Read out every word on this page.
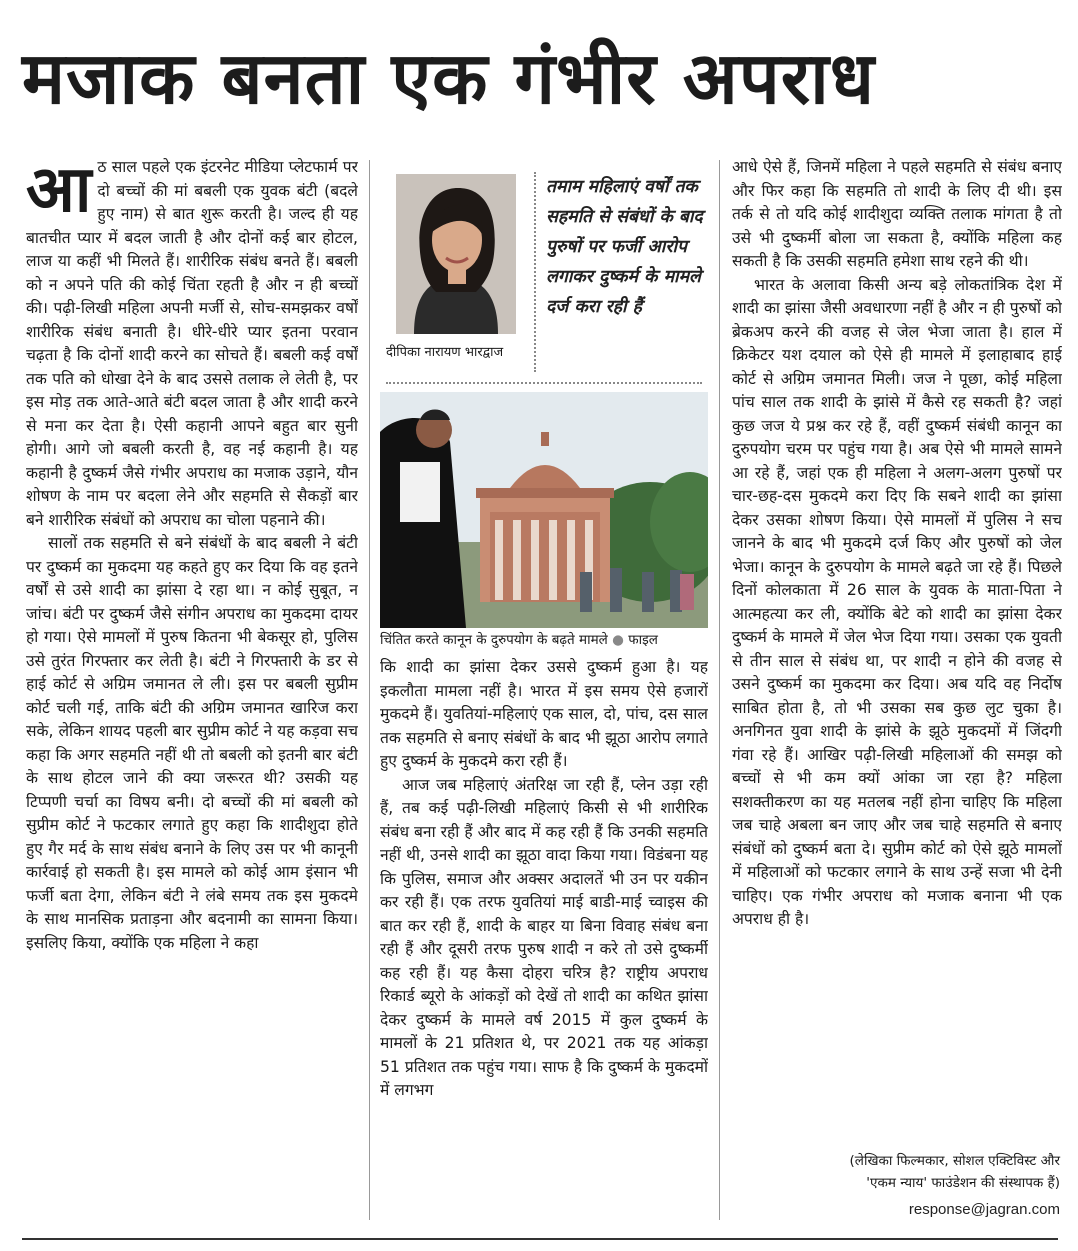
मजाक बनता एक गंभीर अपराध

आठ साल पहले एक इंटरनेट मीडिया प्लेटफार्म पर दो बच्चों की मां बबली एक युवक बंटी (बदले हुए नाम) से बात शुरू करती है। जल्द ही यह बातचीत प्यार में बदल जाती है और दोनों कई बार होटल, लाज या कहीं भी मिलते हैं। शारीरिक संबंध बनते हैं। बबली को न अपने पति की कोई चिंता रहती है और न ही बच्चों की। पढ़ी-लिखी महिला अपनी मर्जी से, सोच-समझकर वर्षों शारीरिक संबंध बनाती है। धीरे-धीरे प्यार इतना परवान चढ़ता है कि दोनों शादी करने का सोचते हैं। बबली कई वर्षों तक पति को धोखा देने के बाद उससे तलाक ले लेती है, पर इस मोड़ तक आते-आते बंटी बदल जाता है और शादी करने से मना कर देता है। ऐसी कहानी आपने बहुत बार सुनी होगी। आगे जो बबली करती है, वह नई कहानी है। यह कहानी है दुष्कर्म जैसे गंभीर अपराध का मजाक उड़ाने, यौन शोषण के नाम पर बदला लेने और सहमति से सैकड़ों बार बने शारीरिक संबंधों को अपराध का चोला पहनाने की।

सालों तक सहमति से बने संबंधों के बाद बबली ने बंटी पर दुष्कर्म का मुकदमा यह कहते हुए कर दिया कि वह इतने वर्षों से उसे शादी का झांसा दे रहा था। न कोई सुबूत, न जांच। बंटी पर दुष्कर्म जैसे संगीन अपराध का मुकदमा दायर हो गया। ऐसे मामलों में पुरुष कितना भी बेकसूर हो, पुलिस उसे तुरंत गिरफ्तार कर लेती है। बंटी ने गिरफ्तारी के डर से हाई कोर्ट से अग्रिम जमानत ले ली। इस पर बबली सुप्रीम कोर्ट चली गई, ताकि बंटी की अग्रिम जमानत खारिज करा सके, लेकिन शायद पहली बार सुप्रीम कोर्ट ने यह कड़वा सच कहा कि अगर सहमति नहीं थी तो बबली को इतनी बार बंटी के साथ होटल जाने की क्या जरूरत थी? उसकी यह टिप्पणी चर्चा का विषय बनी। दो बच्चों की मां बबली को सुप्रीम कोर्ट ने फटकार लगाते हुए कहा कि शादीशुदा होते हुए गैर मर्द के साथ संबंध बनाने के लिए उस पर भी कानूनी कार्रवाई हो सकती है। इस मामले को कोई आम इंसान भी फर्जी बता देगा, लेकिन बंटी ने लंबे समय तक इस मुकदमे के साथ मानसिक प्रताड़ना और बदनामी का सामना किया। इसलिए किया, क्योंकि एक महिला ने कहा

दीपिका नारायण भारद्वाज
तमाम महिलाएं वर्षों तक सहमति से संबंधों के बाद पुरुषों पर फर्जी आरोप लगाकर दुष्कर्म के मामले दर्ज करा रही हैं
चिंतित करते कानून के दुरुपयोग के बढ़ते मामले ● फाइल

कि शादी का झांसा देकर उससे दुष्कर्म हुआ है। यह इकलौता मामला नहीं है। भारत में इस समय ऐसे हजारों मुकदमे हैं। युवतियां-महिलाएं एक साल, दो, पांच, दस साल तक सहमति से बनाए संबंधों के बाद भी झूठा आरोप लगाते हुए दुष्कर्म के मुकदमे करा रही हैं।

आज जब महिलाएं अंतरिक्ष जा रही हैं, प्लेन उड़ा रही हैं, तब कई पढ़ी-लिखी महिलाएं किसी से भी शारीरिक संबंध बना रही हैं और बाद में कह रही हैं कि उनकी सहमति नहीं थी, उनसे शादी का झूठा वादा किया गया। विडंबना यह कि पुलिस, समाज और अक्सर अदालतें भी उन पर यकीन कर रही हैं। एक तरफ युवतियां माई बाडी-माई च्वाइस की बात कर रही हैं, शादी के बाहर या बिना विवाह संबंध बना रही हैं और दूसरी तरफ पुरुष शादी न करे तो उसे दुष्कर्मी कह रही हैं। यह कैसा दोहरा चरित्र है? राष्ट्रीय अपराध रिकार्ड ब्यूरो के आंकड़ों को देखें तो शादी का कथित झांसा देकर दुष्कर्म के मामले वर्ष 2015 में कुल दुष्कर्म के मामलों के 21 प्रतिशत थे, पर 2021 तक यह आंकड़ा 51 प्रतिशत तक पहुंच गया। साफ है कि दुष्कर्म के मुकदमों में लगभग

आधे ऐसे हैं, जिनमें महिला ने पहले सहमति से संबंध बनाए और फिर कहा कि सहमति तो शादी के लिए दी थी। इस तर्क से तो यदि कोई शादीशुदा व्यक्ति तलाक मांगता है तो उसे भी दुष्कर्मी बोला जा सकता है, क्योंकि महिला कह सकती है कि उसकी सहमति हमेशा साथ रहने की थी।

भारत के अलावा किसी अन्य बड़े लोकतांत्रिक देश में शादी का झांसा जैसी अवधारणा नहीं है और न ही पुरुषों को ब्रेकअप करने की वजह से जेल भेजा जाता है। हाल में क्रिकेटर यश दयाल को ऐसे ही मामले में इलाहाबाद हाई कोर्ट से अग्रिम जमानत मिली। जज ने पूछा, कोई महिला पांच साल तक शादी के झांसे में कैसे रह सकती है? जहां कुछ जज ये प्रश्न कर रहे हैं, वहीं दुष्कर्म संबंधी कानून का दुरुपयोग चरम पर पहुंच गया है। अब ऐसे भी मामले सामने आ रहे हैं, जहां एक ही महिला ने अलग-अलग पुरुषों पर चार-छह-दस मुकदमे करा दिए कि सबने शादी का झांसा देकर उसका शोषण किया। ऐसे मामलों में पुलिस ने सच जानने के बाद भी मुकदमे दर्ज किए और पुरुषों को जेल भेजा। कानून के दुरुपयोग के मामले बढ़ते जा रहे हैं। पिछले दिनों कोलकाता में 26 साल के युवक के माता-पिता ने आत्महत्या कर ली, क्योंकि बेटे को शादी का झांसा देकर दुष्कर्म के मामले में जेल भेज दिया गया। उसका एक युवती से तीन साल से संबंध था, पर शादी न होने की वजह से उसने दुष्कर्म का मुकदमा कर दिया। अब यदि वह निर्दोष साबित होता है, तो भी उसका सब कुछ लुट चुका है। अनगिनत युवा शादी के झांसे के झूठे मुकदमों में जिंदगी गंवा रहे हैं। आखिर पढ़ी-लिखी महिलाओं की समझ को बच्चों से भी कम क्यों आंका जा रहा है? महिला सशक्तीकरण का यह मतलब नहीं होना चाहिए कि महिला जब चाहे अबला बन जाए और जब चाहे सहमति से बनाए संबंधों को दुष्कर्म बता दे। सुप्रीम कोर्ट को ऐसे झूठे मामलों में महिलाओं को फटकार लगाने के साथ उन्हें सजा भी देनी चाहिए। एक गंभीर अपराध को मजाक बनाना भी एक अपराध ही है।

(लेखिका फिल्मकार, सोशल एक्टिविस्ट और
'एकम न्याय' फाउंडेशन की संस्थापक हैं)
response@jagran.com
